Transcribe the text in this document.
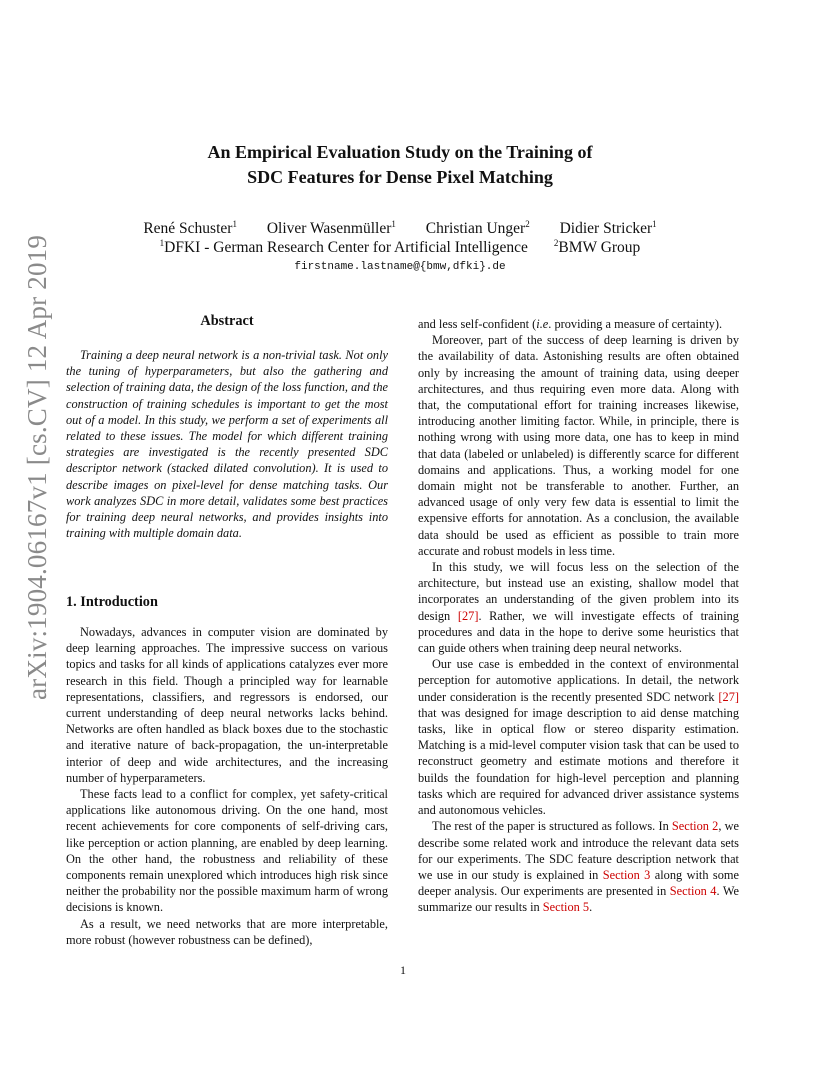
arXiv:1904.06167v1 [cs.CV] 12 Apr 2019
An Empirical Evaluation Study on the Training of
SDC Features for Dense Pixel Matching
René Schuster$^1$ Oliver Wasenmüller$^1$ Christian Unger$^2$ Didier Stricker$^1$
$^1$DFKI - German Research Center for Artificial Intelligence	$^2$BMW Group
firstname.lastname@{bmw,dfki}.de
Abstract

Training a deep neural network is a non-trivial task. Not only the tuning of hyperparameters, but also the gathering and selection of training data, the design of the loss function, and the construction of training schedules is important to get the most out of a model. In this study, we perform a set of experiments all related to these issues. The model for which different training strategies are investigated is the recently presented SDC descriptor network (stacked dilated convolution). It is used to describe images on pixel-level for dense matching tasks. Our work analyzes SDC in more detail, validates some best practices for training deep neural networks, and provides insights into training with multiple domain data.

1. Introduction

Nowadays, advances in computer vision are dominated by deep learning approaches. The impressive success on various topics and tasks for all kinds of applications catalyzes ever more research in this field. Though a principled way for learnable representations, classifiers, and regressors is endorsed, our current understanding of deep neural networks lacks behind. Networks are often handled as black boxes due to the stochastic and iterative nature of back-propagation, the un-interpretable interior of deep and wide architectures, and the increasing number of hyperparameters.

These facts lead to a conflict for complex, yet safety-critical applications like autonomous driving. On the one hand, most recent achievements for core components of self-driving cars, like perception or action planning, are enabled by deep learning. On the other hand, the robustness and reliability of these components remain unexplored which introduces high risk since neither the probability nor the possible maximum harm of wrong decisions is known.

As a result, we need networks that are more interpretable, more robust (however robustness can be defined),

and less self-confident (i.e. providing a measure of certainty).

Moreover, part of the success of deep learning is driven by the availability of data. Astonishing results are often obtained only by increasing the amount of training data, using deeper architectures, and thus requiring even more data. Along with that, the computational effort for training increases likewise, introducing another limiting factor. While, in principle, there is nothing wrong with using more data, one has to keep in mind that data (labeled or unlabeled) is differently scarce for different domains and applications. Thus, a working model for one domain might not be transferable to another. Further, an advanced usage of only very few data is essential to limit the expensive efforts for annotation. As a conclusion, the available data should be used as efficient as possible to train more accurate and robust models in less time.

In this study, we will focus less on the selection of the architecture, but instead use an existing, shallow model that incorporates an understanding of the given problem into its design [27]. Rather, we will investigate effects of training procedures and data in the hope to derive some heuristics that can guide others when training deep neural networks.

Our use case is embedded in the context of environmental perception for automotive applications. In detail, the network under consideration is the recently presented SDC network [27] that was designed for image description to aid dense matching tasks, like in optical flow or stereo disparity estimation. Matching is a mid-level computer vision task that can be used to reconstruct geometry and estimate motions and therefore it builds the foundation for high-level perception and planning tasks which are required for advanced driver assistance systems and autonomous vehicles.

The rest of the paper is structured as follows. In Section 2, we describe some related work and introduce the relevant data sets for our experiments. The SDC feature description network that we use in our study is explained in Section 3 along with some deeper analysis. Our experiments are presented in Section 4. We summarize our results in Section 5.

1
